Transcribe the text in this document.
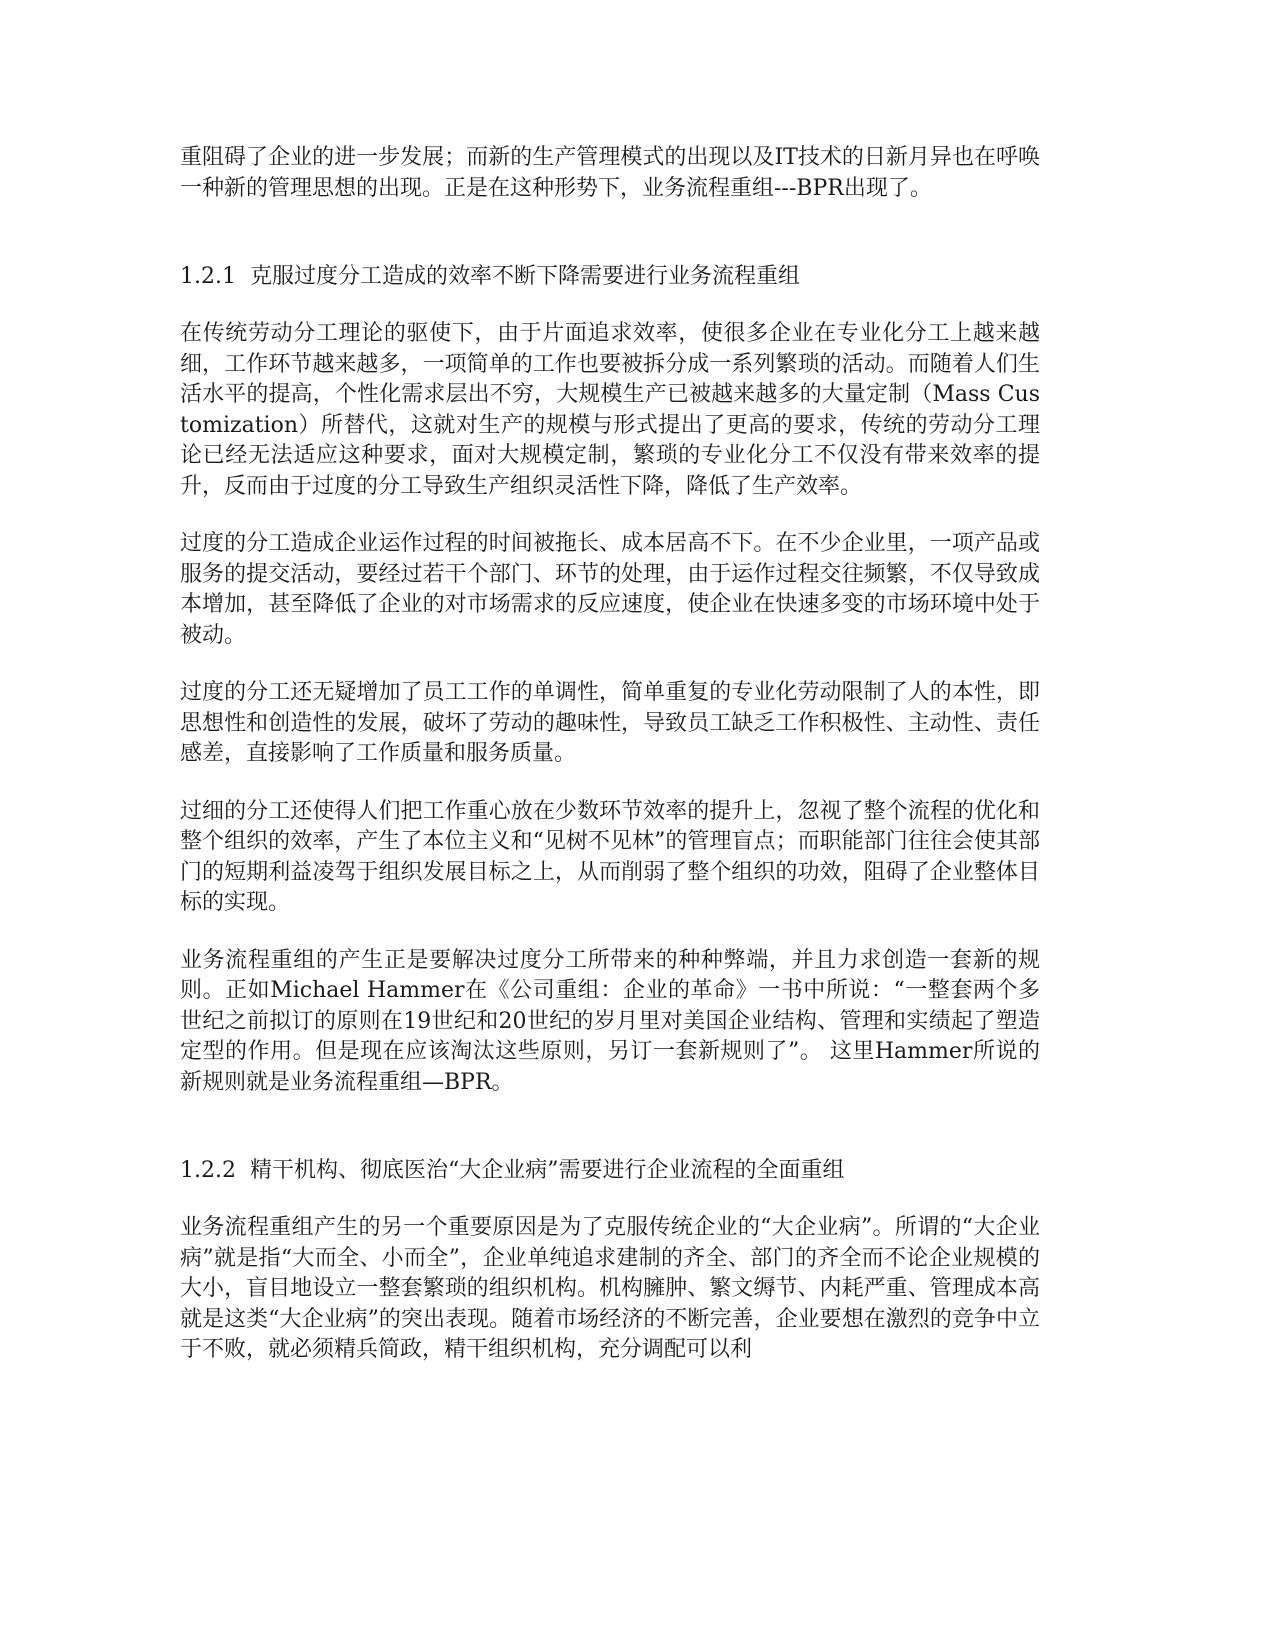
重阻碍了企业的进一步发展；而新的生产管理模式的出现以及IT技术的日新月异也在呼唤一种新的管理思想的出现。正是在这种形势下，业务流程重组---BPR出现了。

1.2.1 克服过度分工造成的效率不断下降需要进行业务流程重组

在传统劳动分工理论的驱使下，由于片面追求效率，使很多企业在专业化分工上越来越细，工作环节越来越多，一项简单的工作也要被拆分成一系列繁琐的活动。而随着人们生活水平的提高，个性化需求层出不穷，大规模生产已被越来越多的大量定制（Mass Customization）所替代，这就对生产的规模与形式提出了更高的要求，传统的劳动分工理论已经无法适应这种要求，面对大规模定制，繁琐的专业化分工不仅没有带来效率的提升，反而由于过度的分工导致生产组织灵活性下降，降低了生产效率。

过度的分工造成企业运作过程的时间被拖长、成本居高不下。在不少企业里，一项产品或服务的提交活动，要经过若干个部门、环节的处理，由于运作过程交往频繁，不仅导致成本增加，甚至降低了企业的对市场需求的反应速度，使企业在快速多变的市场环境中处于被动。

过度的分工还无疑增加了员工工作的单调性，简单重复的专业化劳动限制了人的本性，即思想性和创造性的发展，破坏了劳动的趣味性，导致员工缺乏工作积极性、主动性、责任感差，直接影响了工作质量和服务质量。

过细的分工还使得人们把工作重心放在少数环节效率的提升上，忽视了整个流程的优化和整个组织的效率，产生了本位主义和“见树不见林”的管理盲点；而职能部门往往会使其部门的短期利益凌驾于组织发展目标之上，从而削弱了整个组织的功效，阻碍了企业整体目标的实现。

业务流程重组的产生正是要解决过度分工所带来的种种弊端，并且力求创造一套新的规则。正如Michael Hammer在《公司重组：企业的革命》一书中所说：“一整套两个多世纪之前拟订的原则在19世纪和20世纪的岁月里对美国企业结构、管理和实绩起了塑造定型的作用。但是现在应该淘汰这些原则，另订一套新规则了”。 这里Hammer所说的新规则就是业务流程重组—BPR。

1.2.2 精干机构、彻底医治“大企业病”需要进行企业流程的全面重组

业务流程重组产生的另一个重要原因是为了克服传统企业的“大企业病”。所谓的“大企业病”就是指“大而全、小而全”，企业单纯追求建制的齐全、部门的齐全而不论企业规模的大小，盲目地设立一整套繁琐的组织机构。机构臃肿、繁文缛节、内耗严重、管理成本高就是这类“大企业病”的突出表现。随着市场经济的不断完善，企业要想在激烈的竞争中立于不败，就必须精兵简政，精干组织机构，充分调配可以利
